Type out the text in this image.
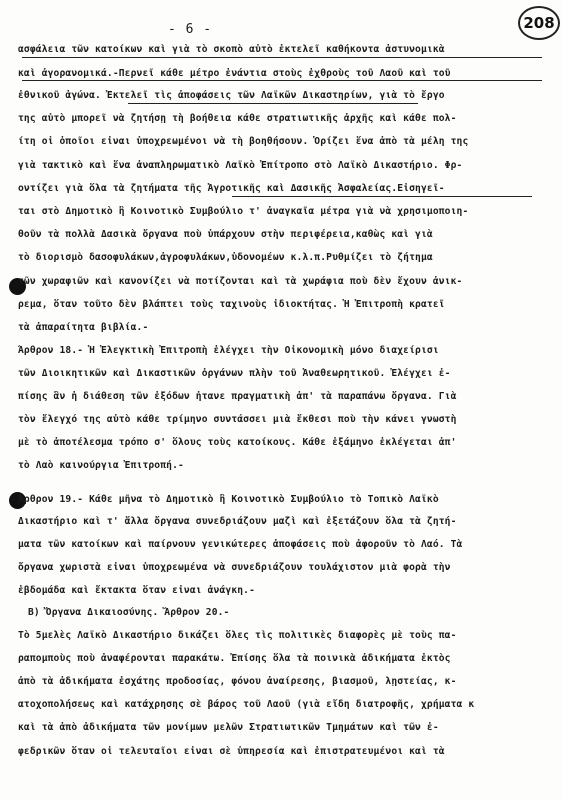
- 6 -	208
ασφάλεια τῶν κατοίκων καὶ γιὰ τὸ σκοπὸ αὐτὸ ἐκτελεῖ καθήκοντα ἀστυνομικὰ
καὶ ἀγορανομικά.-Περνεῖ κάθε μέτρο ἐνάντια στοὺς ἐχθροὺς τοῦ Λαοῦ καὶ τοῦ
ἐθνικοῦ ἀγώνα. Ἐκτελεῖ τὶς ἀποφάσεις τῶν Λαϊκῶν Δικαστηρίων, γιὰ τὸ ἔργο
της αὐτὸ μπορεῖ νὰ ζητήσῃ τὴ βοήθεια κάθε στρατιωτικῆς ἀρχῆς καὶ κάθε πολ-
ίτη οἱ ὁποῖοι εἶναι ὑποχρεωμένοι νὰ τὴ βοηθήσουν. Ὁρίζει ἕνα ἀπὸ τὰ μέλη της
γιὰ τακτικὸ καὶ ἕνα ἀναπληρωματικὸ Λαϊκὸ Ἐπίτροπο στὸ Λαϊκὸ Δικαστήριο. Φρ-
οντίζει γιὰ ὅλα τὰ ζητήματα τῆς Ἀγροτικῆς καὶ Δασικῆς Ἀσφαλείας.Εἰσηγεῖ-
ται στὸ Δημοτικὸ ἢ Κοινοτικὸ Συμβούλιο τ' ἀναγκαῖα μέτρα γιὰ νὰ χρησιμοποιη-
θοῦν τὰ πολλὰ Δασικὰ ὄργανα ποὺ ὑπάρχουν στὴν περιφέρεια,καθὼς καὶ γιὰ
τὸ διορισμὸ δασοφυλάκων,ἀγροφυλάκων,ὑδονομέων κ.λ.π.Ρυθμίζει τὸ ζήτημα
τῶν χωραφιῶν καὶ κανονίζει νὰ ποτίζονται καὶ τὰ χωράφια ποὺ δὲν ἔχουν ἀνικ-
ρεμα, ὅταν τοῦτο δὲν βλάπτει τοὺς ταχινοὺς ἰδιοκτήτας. Ἡ Ἐπιτροπὴ κρατεῖ
τὰ ἀπαραίτητα βιβλία.-
Ἄρθρον 18.- Ἡ Ἐλεγκτικὴ Ἐπιτροπὴ ἐλέγχει τὴν Οἰκονομικὴ μόνο διαχείρισι
τῶν Διοικητικῶν καὶ Δικαστικῶν ὀργάνων πλὴν τοῦ Ἀναθεωρητικοῦ. Ἐλέγχει ἐ-
πίσης ἂν ἡ διάθεση τῶν ἐξόδων ἦτανε πραγματικὴ ἀπ' τὰ παραπάνω ὄργανα. Γιὰ
τὸν ἔλεγχό της αὐτὸ κάθε τρίμηνο συντάσσει μιὰ ἔκθεσι ποὺ τὴν κάνει γνωστὴ
μὲ τὸ ἀποτέλεσμα τρόπο σ' ὅλους τοὺς κατοίκους. Κάθε ἑξάμηνο ἐκλέγεται ἀπ'
τὸ Λαὸ καινούργια Ἐπιτροπή.-
Ἄρθρον 19.- Κάθε μῆνα τὸ Δημοτικὸ ἢ Κοινοτικὸ Συμβούλιο τὸ Τοπικὸ Λαϊκὸ
Δικαστήριο καὶ τ' ἄλλα ὄργανα συνεδριάζουν μαζὶ καὶ ἐξετάζουν ὅλα τὰ ζητή-
ματα τῶν κατοίκων καὶ παίρνουν γενικώτερες ἀποφάσεις ποὺ ἀφοροῦν τὸ Λαό. Τὰ
ὄργανα χωριστὰ εἶναι ὑποχρεωμένα νὰ συνεδριάζουν τουλάχιστον μιὰ φορὰ τὴν
ἑβδομάδα καὶ ἔκτακτα ὅταν εἶναι ἀνάγκη.-
Β) Ὄργανα Δικαιοσύνης. Ἄρθρον 20.-
Τὸ 5μελὲς Λαϊκὸ Δικαστήριο δικάζει ὅλες τὶς πολιτικὲς διαφορὲς μὲ τοὺς πα-
ραπομποὺς ποὺ ἀναφέρονται παρακάτω. Ἐπίσης ὅλα τὰ ποινικὰ ἀδικήματα ἐκτὸς
ἀπὸ τὰ ἀδικήματα ἐσχάτης προδοσίας, φόνου ἀναίρεσης, βιασμοῦ, λῃστείας, κ-
ατοχοπολήσεως καὶ κατάχρησης σὲ βάρος τοῦ Λαοῦ (γιὰ εἴδη διατροφῆς, χρήματα κ
καὶ τὰ ἀπὸ ἀδικήματα τῶν μονίμων μελῶν Στρατιωτικῶν Τμημάτων καὶ τῶν ἐ-
φεδρικῶν ὅταν οἱ τελευταῖοι εἶναι σὲ ὑπηρεσία καὶ ἐπιστρατευμένοι καὶ τὰ
